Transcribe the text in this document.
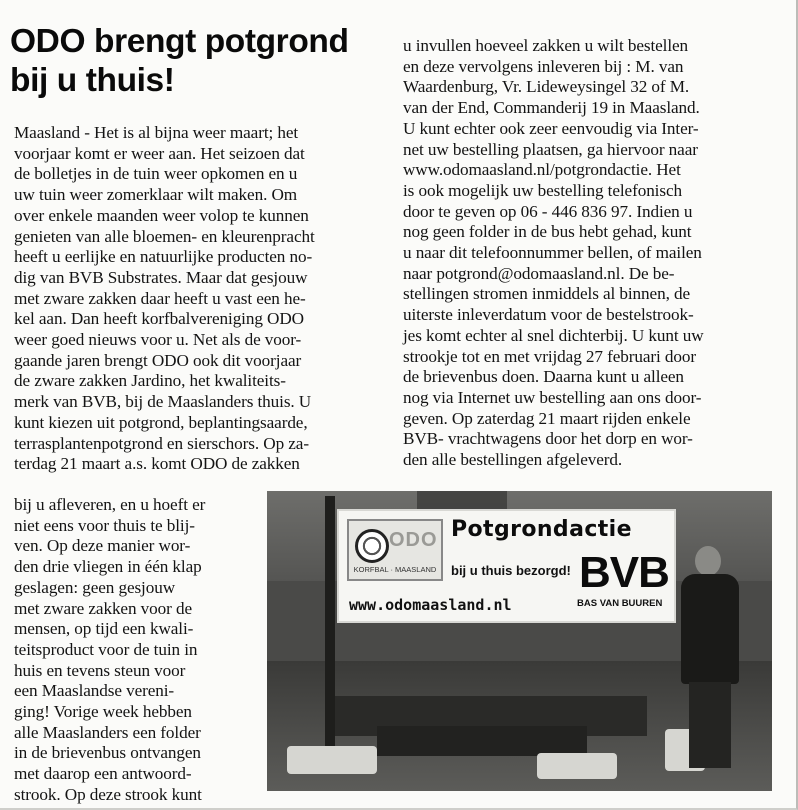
ODO brengt potgrond
bij u thuis!
Maasland - Het is al bijna weer maart; het
voorjaar komt er weer aan. Het seizoen dat
de bolletjes in de tuin weer opkomen en u
uw tuin weer zomerklaar wilt maken. Om
over enkele maanden weer volop te kunnen
genieten van alle bloemen- en kleurenpracht
heeft u eerlijke en natuurlijke producten no-
dig van BVB Substrates. Maar dat gesjouw
met zware zakken daar heeft u vast een he-
kel aan. Dan heeft korfbalvereniging ODO
weer goed nieuws voor u. Net als de voor-
gaande jaren brengt ODO ook dit voorjaar
de zware zakken Jardino, het kwaliteits-
merk van BVB, bij de Maaslanders thuis. U
kunt kiezen uit potgrond, beplantingsaarde,
terrasplantenpotgrond en sierschors. Op za-
terdag 21 maart a.s. komt ODO de zakken
bij u afleveren, en u hoeft er
niet eens voor thuis te blij-
ven. Op deze manier wor-
den drie vliegen in één klap
geslagen: geen gesjouw
met zware zakken voor de
mensen, op tijd een kwali-
teitsproduct voor de tuin in
huis en tevens steun voor
een Maaslandse vereni-
ging! Vorige week hebben
alle Maaslanders een folder
in de brievenbus ontvangen
met daarop een antwoord-
strook. Op deze strook kunt
u invullen hoeveel zakken u wilt bestellen
en deze vervolgens inleveren bij : M. van
Waardenburg, Vr. Lideweysingel 32 of M.
van der End, Commanderij 19 in Maasland.
U kunt echter ook zeer eenvoudig via Inter-
net uw bestelling plaatsen, ga hiervoor naar
www.odomaasland.nl/potgrondactie. Het
is ook mogelijk uw bestelling telefonisch
door te geven op 06 - 446 836 97. Indien u
nog geen folder in de bus hebt gehad, kunt
u naar dit telefoonnummer bellen, of mailen
naar potgrond@odomaasland.nl. De be-
stellingen stromen inmiddels al binnen, de
uiterste inleverdatum voor de bestelstrook-
jes komt echter al snel dichterbij. U kunt uw
strookje tot en met vrijdag 27 februari door
de brievenbus doen. Daarna kunt u alleen
nog via Internet uw bestelling aan ons door-
geven. Op zaterdag 21 maart rijden enkele
BVB- vrachtwagens door het dorp en wor-
den alle bestellingen afgeleverd.
ODO
KORFBAL · MAASLAND
Potgrondactie
bij u thuis bezorgd! BVB
BAS VAN BUUREN
www.odomaasland.nl
